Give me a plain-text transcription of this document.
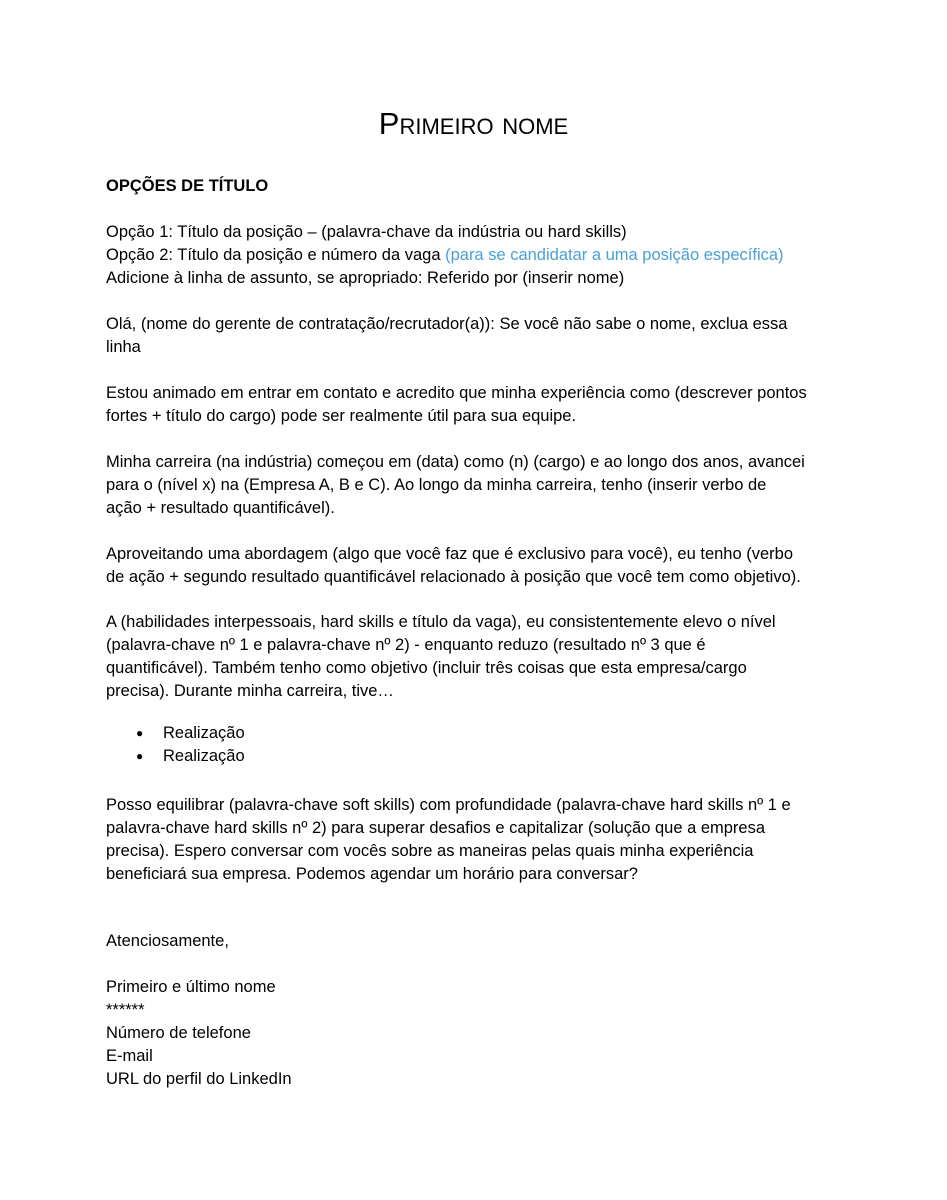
Primeiro nome
OPÇÕES DE TÍTULO
Opção 1: Título da posição – (palavra-chave da indústria ou hard skills)
Opção 2: Título da posição e número da vaga (para se candidatar a uma posição específica)
Adicione à linha de assunto, se apropriado: Referido por (inserir nome)
Olá, (nome do gerente de contratação/recrutador(a)): Se você não sabe o nome, exclua essa
linha
Estou animado em entrar em contato e acredito que minha experiência como (descrever pontos
fortes + título do cargo) pode ser realmente útil para sua equipe.
Minha carreira (na indústria) começou em (data) como (n) (cargo) e ao longo dos anos, avancei
para o (nível x) na (Empresa A, B e C). Ao longo da minha carreira, tenho (inserir verbo de
ação + resultado quantificável).
Aproveitando uma abordagem (algo que você faz que é exclusivo para você), eu tenho (verbo
de ação + segundo resultado quantificável relacionado à posição que você tem como objetivo).
A (habilidades interpessoais, hard skills e título da vaga), eu consistentemente elevo o nível
(palavra-chave nº 1 e palavra-chave nº 2) - enquanto reduzo (resultado nº 3 que é
quantificável). Também tenho como objetivo (incluir três coisas que esta empresa/cargo
precisa). Durante minha carreira, tive…
●	Realização
●	Realização
Posso equilibrar (palavra-chave soft skills) com profundidade (palavra-chave hard skills nº 1 e
palavra-chave hard skills nº 2) para superar desafios e capitalizar (solução que a empresa
precisa). Espero conversar com vocês sobre as maneiras pelas quais minha experiência
beneficiará sua empresa. Podemos agendar um horário para conversar?
Atenciosamente,
Primeiro e último nome
******
Número de telefone
E-mail
URL do perfil do LinkedIn
